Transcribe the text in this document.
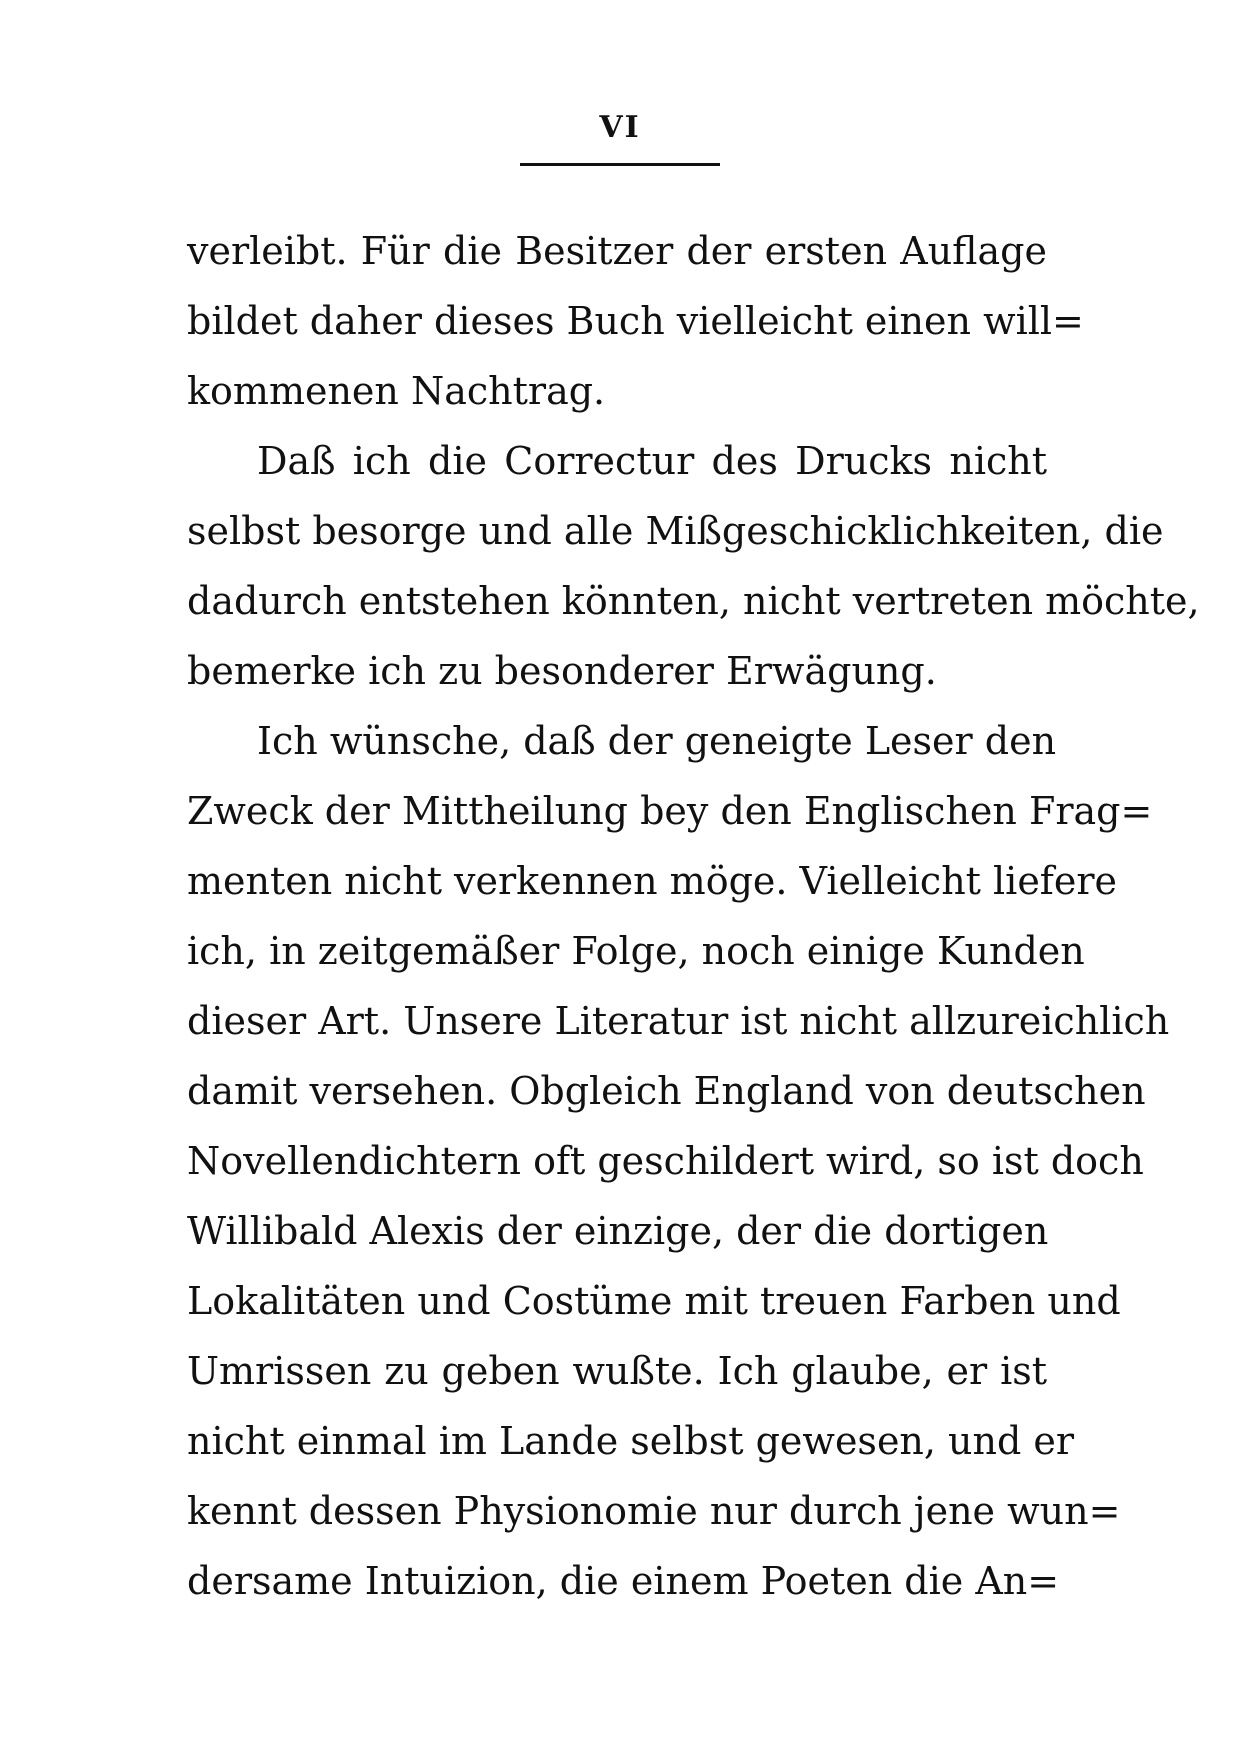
VI
verleibt. Für die Besitzer der ersten Auflage
bildet daher dieses Buch vielleicht einen will=
kommenen Nachtrag.
Daß ich die Correctur des Drucks nicht
selbst besorge und alle Mißgeschicklichkeiten, die
dadurch entstehen könnten, nicht vertreten möchte,
bemerke ich zu besonderer Erwägung.
Ich wünsche, daß der geneigte Leser den
Zweck der Mittheilung bey den Englischen Frag=
menten nicht verkennen möge. Vielleicht liefere
ich, in zeitgemäßer Folge, noch einige Kunden
dieser Art. Unsere Literatur ist nicht allzureichlich
damit versehen. Obgleich England von deutschen
Novellendichtern oft geschildert wird, so ist doch
Willibald Alexis der einzige, der die dortigen
Lokalitäten und Costüme mit treuen Farben und
Umrissen zu geben wußte. Ich glaube, er ist
nicht einmal im Lande selbst gewesen, und er
kennt dessen Physionomie nur durch jene wun=
dersame Intuizion, die einem Poeten die An=
